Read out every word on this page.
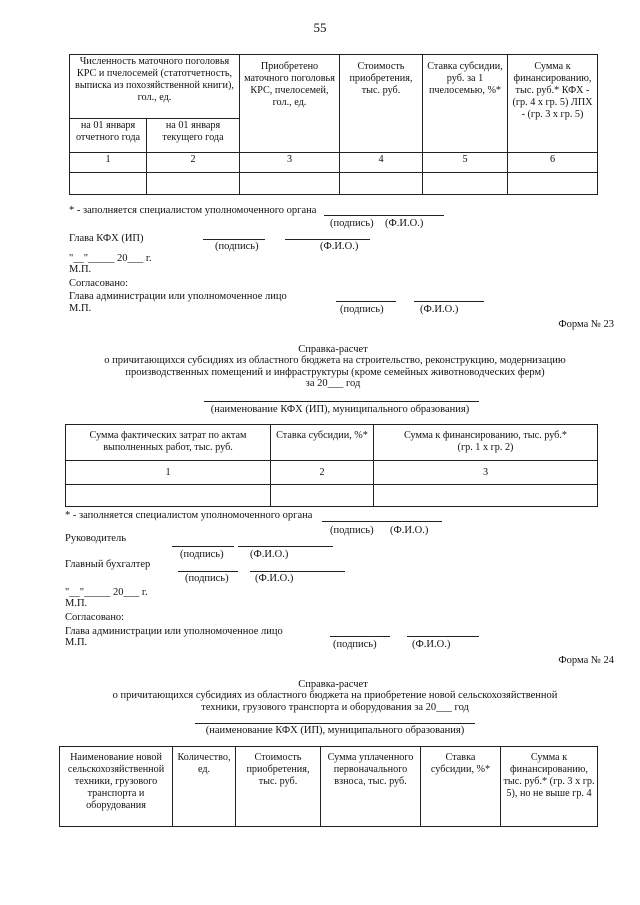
55
Численность маточного поголовья КРС и пчелосемей (статотчетность, выписка из похозяйственной книги), гол., ед.		Приобретено маточного поголовья КРС, пчелосемей, гол., ед.	Стоимость приобретения, тыс. руб.	Ставка субсидии, руб. за 1 пчелосемью, %*	Сумма к финансированию, тыс. руб.* КФХ - (гр. 4 x гр. 5) ЛПХ - (гр. 3 x гр. 5)
на 01 января отчетного года	на 01 января текущего года				
1	2	3	4	5	6

* - заполняется специалистом уполномоченного органа
(подпись) (Ф.И.О.)
Глава КФХ (ИП)
(подпись)	(Ф.И.О.)
"__"_____ 20___ г.
М.П.
Согласовано:
Глава администрации или уполномоченное лицо
М.П.	(подпись)	(Ф.И.О.)
Форма № 23
Справка-расчет
о причитающихся субсидиях из областного бюджета на строительство, реконструкцию, модернизацию производственных помещений и инфраструктуры (кроме семейных животноводческих ферм)
за 20___ год
(наименование КФХ (ИП), муниципального образования)
Сумма фактических затрат по актам выполненных работ, тыс. руб.	Ставка субсидии, %*	Сумма к финансированию, тыс. руб.* (гр. 1 x гр. 2)
1	2	3

* - заполняется специалистом уполномоченного органа
(подпись) (Ф.И.О.)
Руководитель
(подпись)	(Ф.И.О.)
Главный бухгалтер
(подпись)	(Ф.И.О.)
"__"_____ 20___ г.
М.П.
Согласовано:
Глава администрации или уполномоченное лицо
М.П.	(подпись)	(Ф.И.О.)
Форма № 24
Справка-расчет
о причитающихся субсидиях из областного бюджета на приобретение новой сельскохозяйственной техники, грузового транспорта и оборудования за 20___ год
(наименование КФХ (ИП), муниципального образования)
Наименование новой сельскохозяйственной техники, грузового транспорта и оборудования	Количество, ед.	Стоимость приобретения, тыс. руб.	Сумма уплаченного первоначального взноса, тыс. руб.	Ставка субсидии, %*	Сумма к финансированию, тыс. руб.* (гр. 3 x гр. 5), но не выше гр. 4
